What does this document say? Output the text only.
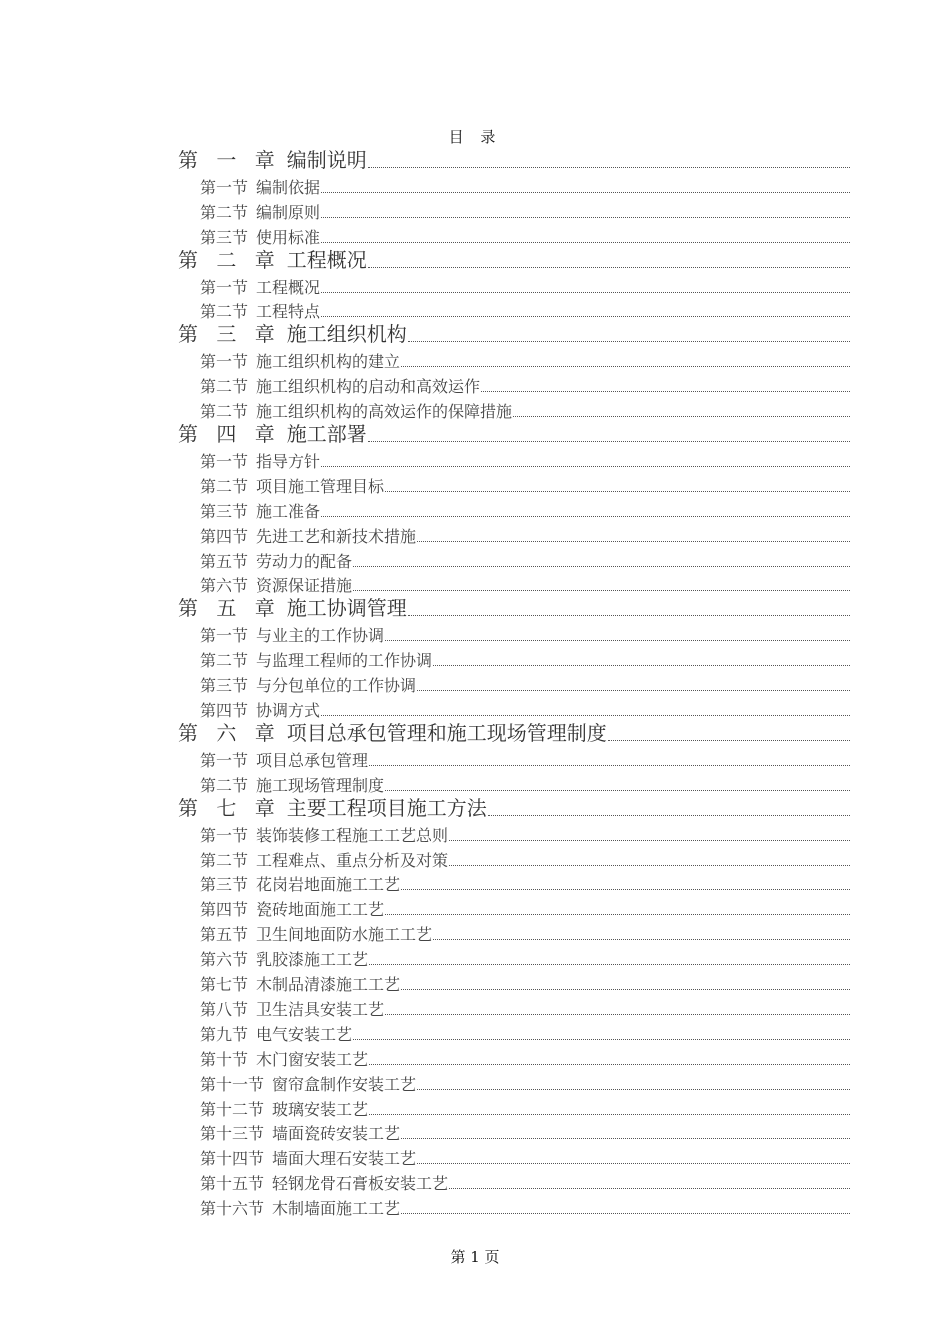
目 录
第 一 章 编制说明
第一节 编制依据
第二节 编制原则
第三节 使用标准
第 二 章 工程概况
第一节 工程概况
第二节 工程特点
第 三 章 施工组织机构
第一节 施工组织机构的建立
第二节 施工组织机构的启动和高效运作
第二节 施工组织机构的高效运作的保障措施
第 四 章 施工部署
第一节 指导方针
第二节 项目施工管理目标
第三节 施工准备
第四节 先进工艺和新技术措施
第五节 劳动力的配备
第六节 资源保证措施
第 五 章 施工协调管理
第一节 与业主的工作协调
第二节 与监理工程师的工作协调
第三节 与分包单位的工作协调
第四节 协调方式
第 六 章 项目总承包管理和施工现场管理制度
第一节 项目总承包管理
第二节 施工现场管理制度
第 七 章 主要工程项目施工方法
第一节 装饰装修工程施工工艺总则
第二节 工程难点、重点分析及对策
第三节 花岗岩地面施工工艺
第四节 瓷砖地面施工工艺
第五节 卫生间地面防水施工工艺
第六节 乳胶漆施工工艺
第七节 木制品清漆施工工艺
第八节 卫生洁具安装工艺
第九节 电气安装工艺
第十节 木门窗安装工艺
第十一节 窗帘盒制作安装工艺
第十二节 玻璃安装工艺
第十三节 墙面瓷砖安装工艺
第十四节 墙面大理石安装工艺
第十五节 轻钢龙骨石膏板安装工艺
第十六节 木制墙面施工工艺
第 1 页
